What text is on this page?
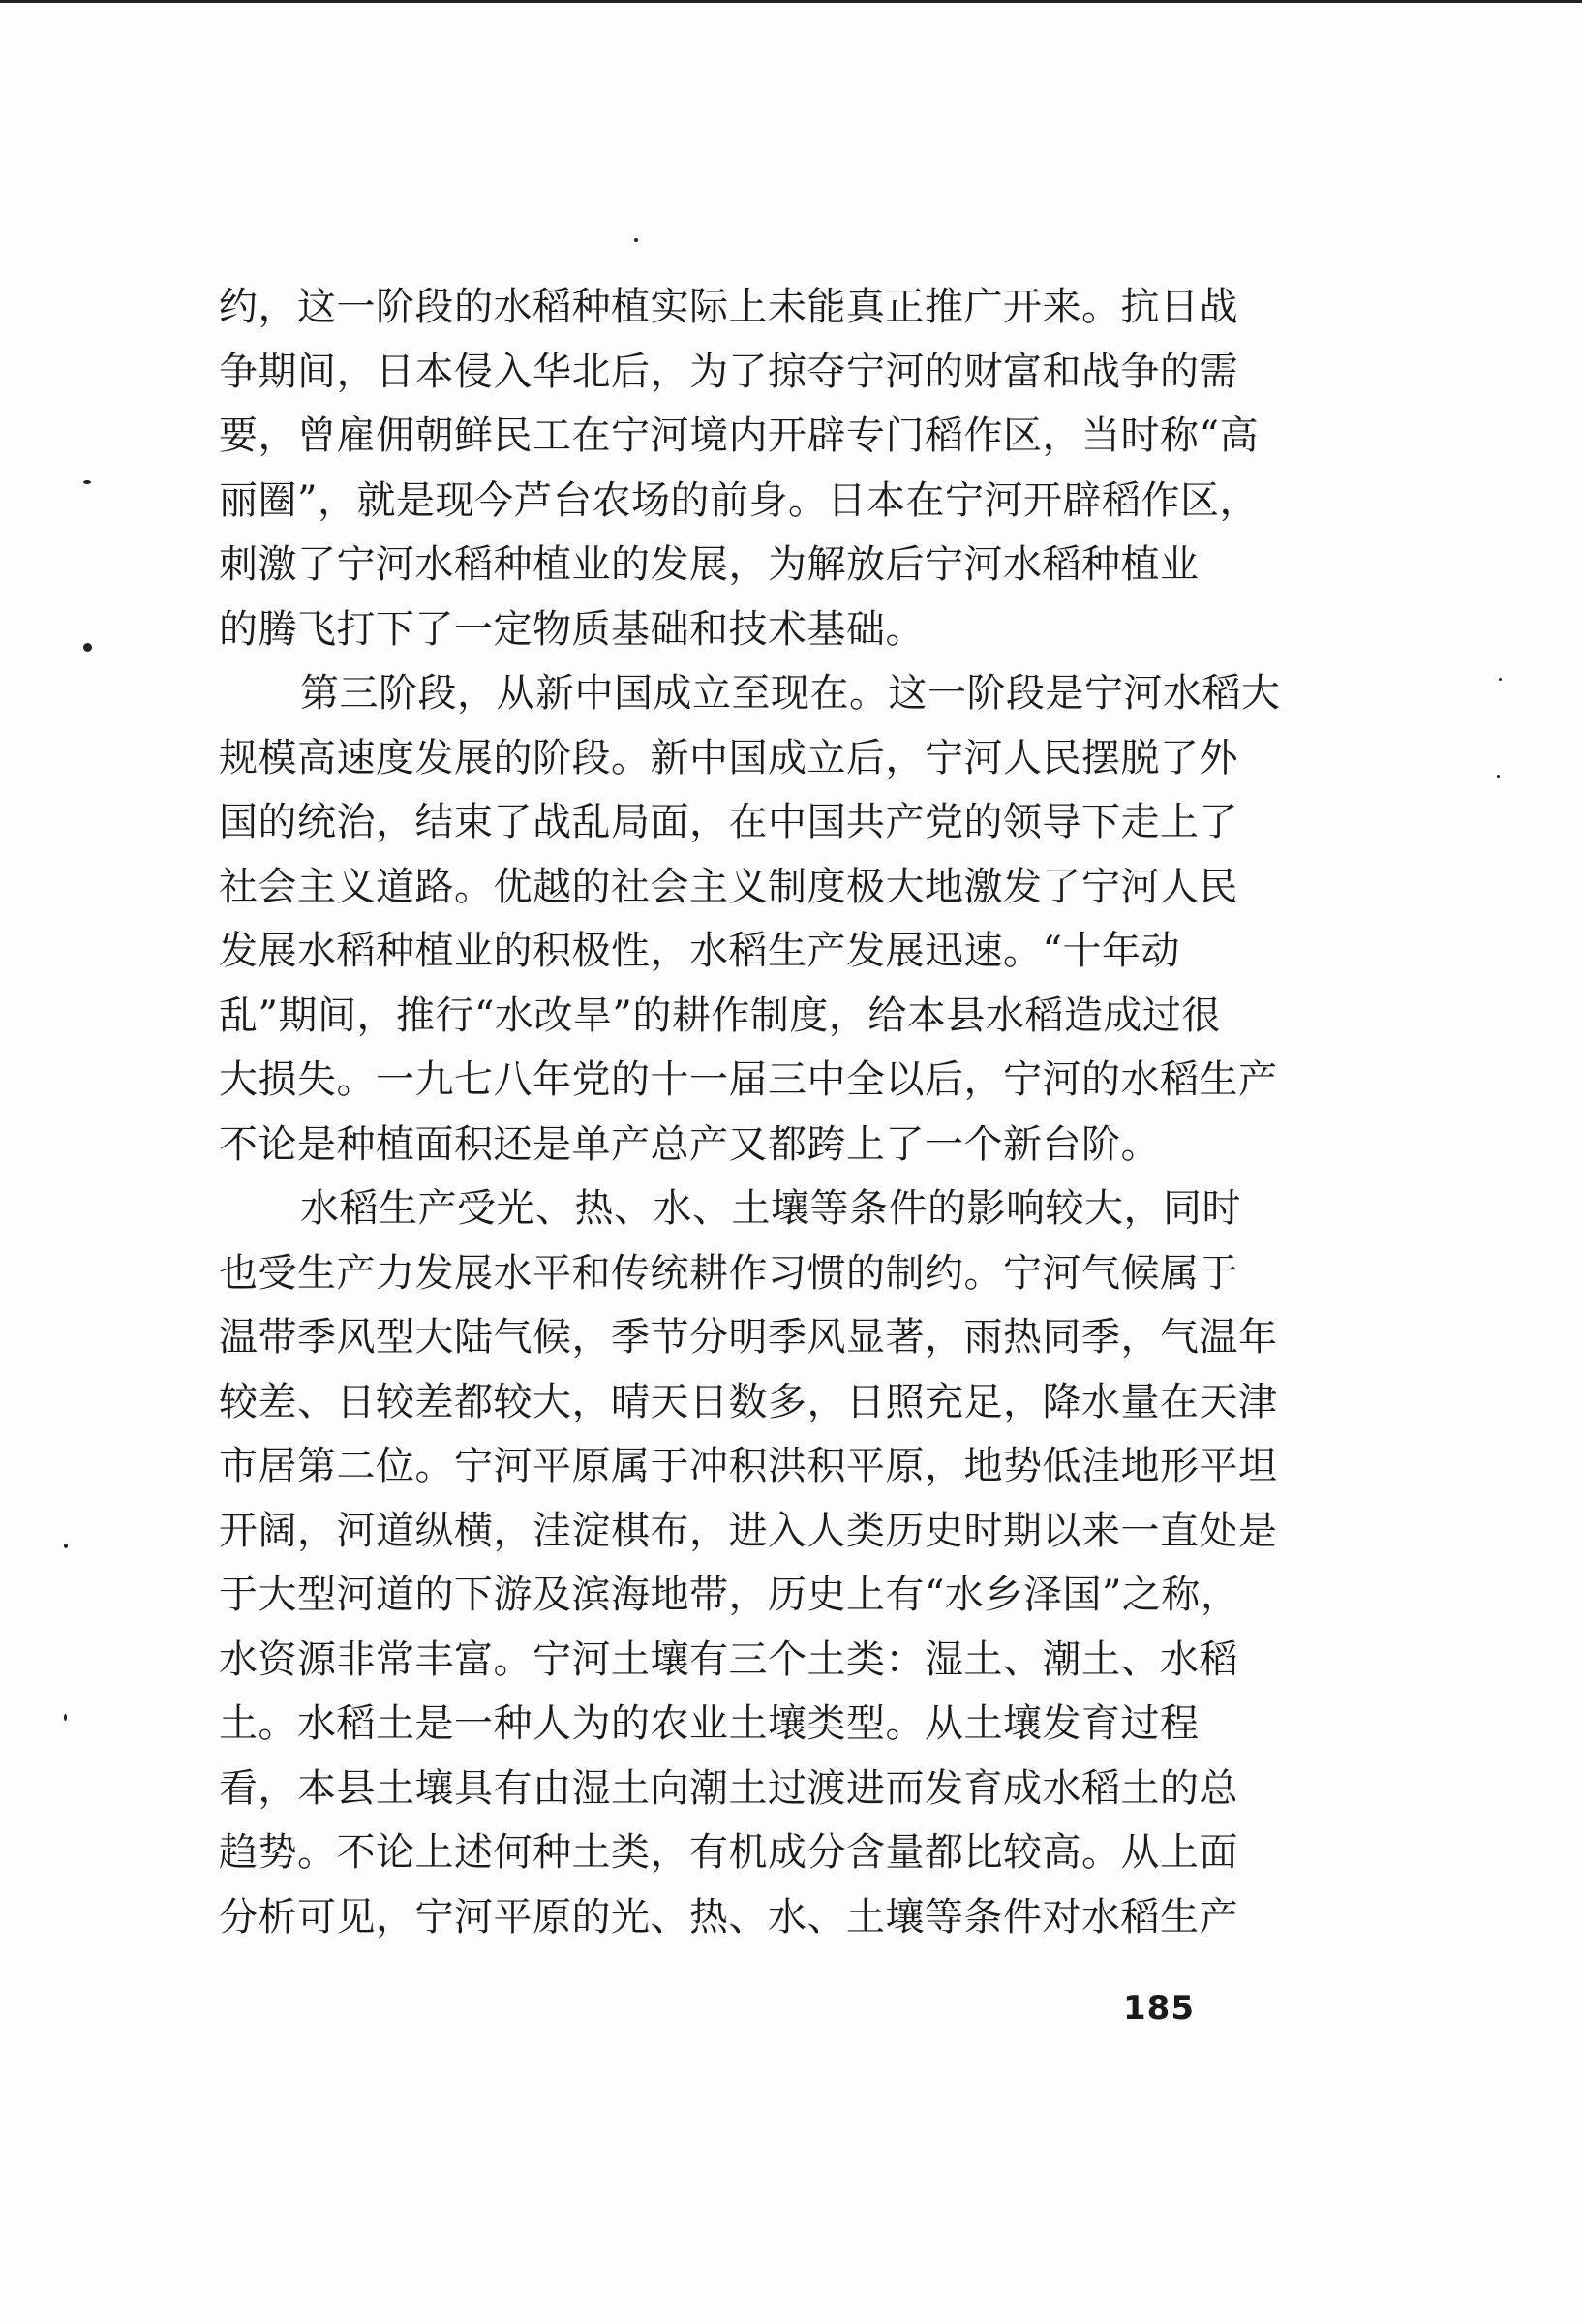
约，这一阶段的水稻种植实际上未能真正推广开来。抗日战
争期间，日本侵入华北后，为了掠夺宁河的财富和战争的需
要，曾雇佣朝鲜民工在宁河境内开辟专门稻作区，当时称“高
丽圈”，就是现今芦台农场的前身。日本在宁河开辟稻作区，
刺激了宁河水稻种植业的发展，为解放后宁河水稻种植业
的腾飞打下了一定物质基础和技术基础。
第三阶段，从新中国成立至现在。这一阶段是宁河水稻大
规模高速度发展的阶段。新中国成立后，宁河人民摆脱了外
国的统治，结束了战乱局面，在中国共产党的领导下走上了
社会主义道路。优越的社会主义制度极大地激发了宁河人民
发展水稻种植业的积极性，水稻生产发展迅速。“十年动
乱”期间，推行“水改旱”的耕作制度，给本县水稻造成过很
大损失。一九七八年党的十一届三中全以后，宁河的水稻生产
不论是种植面积还是单产总产又都跨上了一个新台阶。
水稻生产受光、热、水、土壤等条件的影响较大，同时
也受生产力发展水平和传统耕作习惯的制约。宁河气候属于
温带季风型大陆气候，季节分明季风显著，雨热同季，气温年
较差、日较差都较大，晴天日数多，日照充足，降水量在天津
市居第二位。宁河平原属于冲积洪积平原，地势低洼地形平坦
开阔，河道纵横，洼淀棋布，进入人类历史时期以来一直处是
于大型河道的下游及滨海地带，历史上有“水乡泽国”之称，
水资源非常丰富。宁河土壤有三个土类：湿土、潮土、水稻
土。水稻土是一种人为的农业土壤类型。从土壤发育过程
看，本县土壤具有由湿土向潮土过渡进而发育成水稻土的总
趋势。不论上述何种土类，有机成分含量都比较高。从上面
分析可见，宁河平原的光、热、水、土壤等条件对水稻生产
185
